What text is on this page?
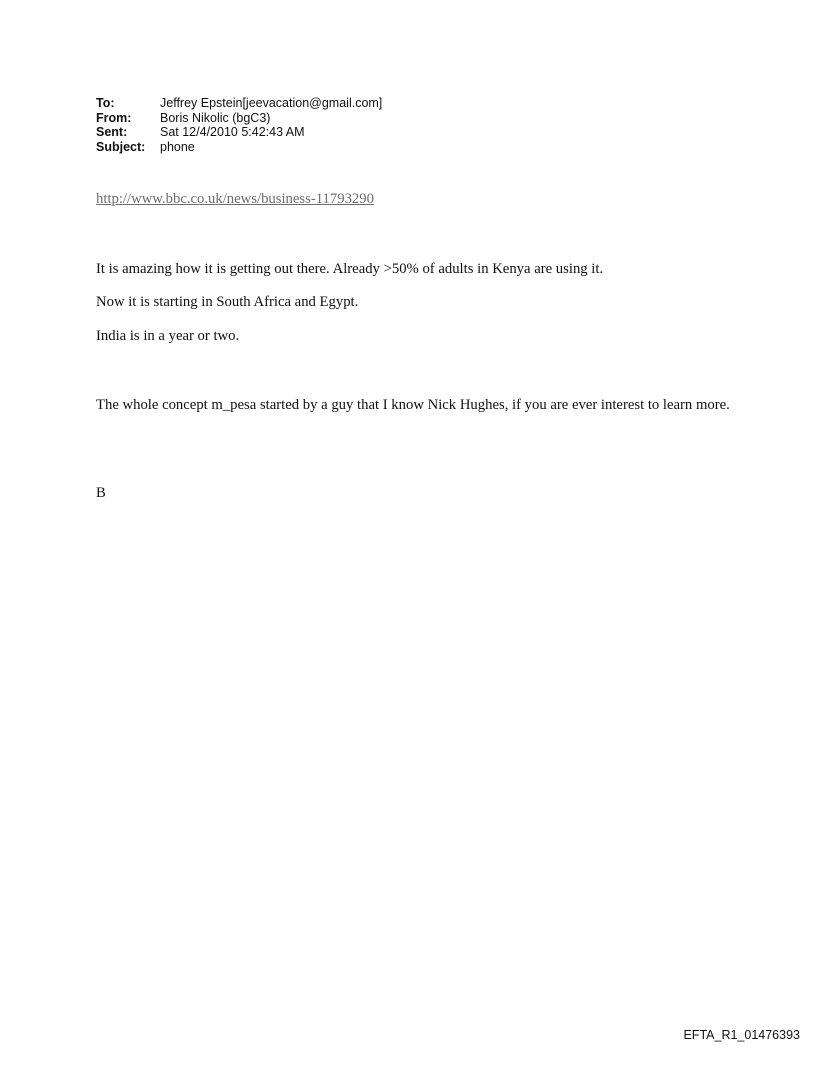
To:	Jeffrey Epstein[jeevacation@gmail.com]
From:	Boris Nikolic (bgC3)
Sent:	Sat 12/4/2010 5:42:43 AM
Subject:	phone
http://www.bbc.co.uk/news/business-11793290
It is amazing how it is getting out there. Already >50% of adults in Kenya are using it.
Now it is starting in South Africa and Egypt.
India is in a year or two.
The whole concept m_pesa started by a guy that I know Nick Hughes, if you are ever interest to learn more.
B
EFTA_R1_01476393
